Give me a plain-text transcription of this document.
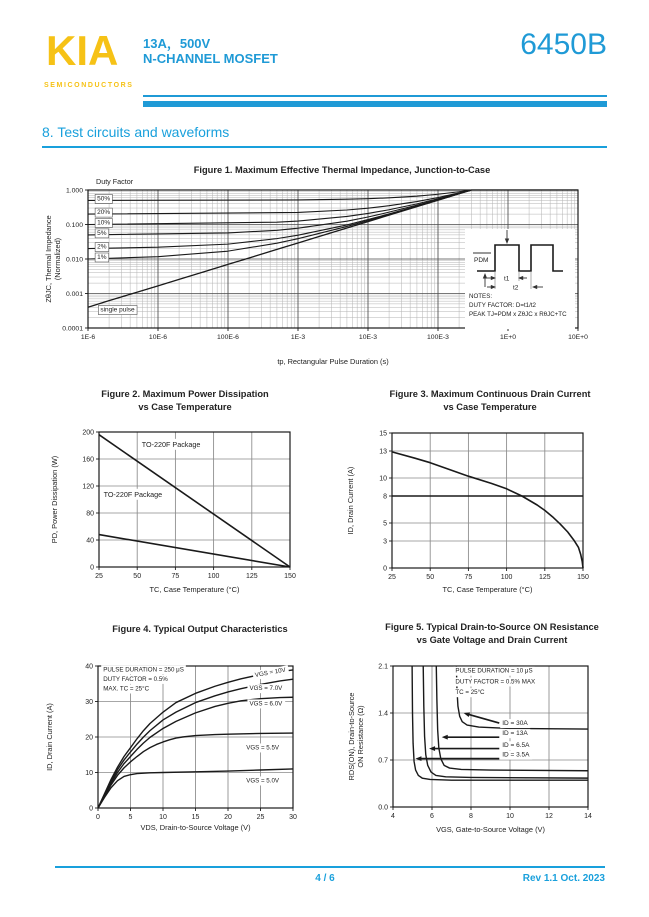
KIA
SEMICONDUCTORS
13A，500V
N-CHANNEL MOSFET	6450B
8. Test circuits and waveforms
1E-6	10E-6	100E-6	1E-3	10E-3	100E-3	1E+0	10E+0
1.000
0.100
0.010
0.001
0.0001
tp, Rectangular Pulse Duration (s)
ZθJC, Thermal Impedance (Normalized)
Figure 1. Maximum Effective Thermal Impedance, Junction-to-Case
Duty Factor
50%
20%
10%
5%
2%
1%
single pulse
PDM
t1
t2
NOTES:
DUTY FACTOR: D=t1/t2
PEAK TJ=PDM x ZθJC x RθJC+TC
25	50	75	100	125	150
0
40
80
120
160
200
TC, Case Temperature (°C)
PD, Power Dissipation (W)
Figure 2. Maximum Power Dissipation
vs Case Temperature
TO-220F Package
TO-220F Package
25	50	75	100	125	150
0
3
5
8
10
13
15
TC, Case Temperature (°C)
ID, Drain Current (A)
Figure 3. Maximum Continuous Drain Current
vs Case Temperature
0	5	10	15	20	25	30
0
10
20
30
40
VDS, Drain-to-Source Voltage (V)
ID, Drain Current (A)
Figure 4. Typical Output Characteristics
PULSE DURATION = 250 μS
DUTY FACTOR = 0.5%
MAX. TC = 25°C
VGS = 10V
VGS = 7.0V
VGS = 6.0V
VGS = 5.5V
VGS = 5.0V
4	6	8	10	12	14
0.0
0.7
1.4
2.1
VGS, Gate-to-Source Voltage (V)
RDS(ON), Drain-to-Source ON Resistance (Ω)
Figure 5. Typical Drain-to-Source ON Resistance
vs Gate Voltage and Drain Current
PULSE DURATION = 10 μS
DUTY FACTOR = 0.5% MAX
TC = 25°C
ID = 30A
ID = 13A
ID = 6.5A
ID = 3.5A
4 / 6	Rev 1.1 Oct. 2023
